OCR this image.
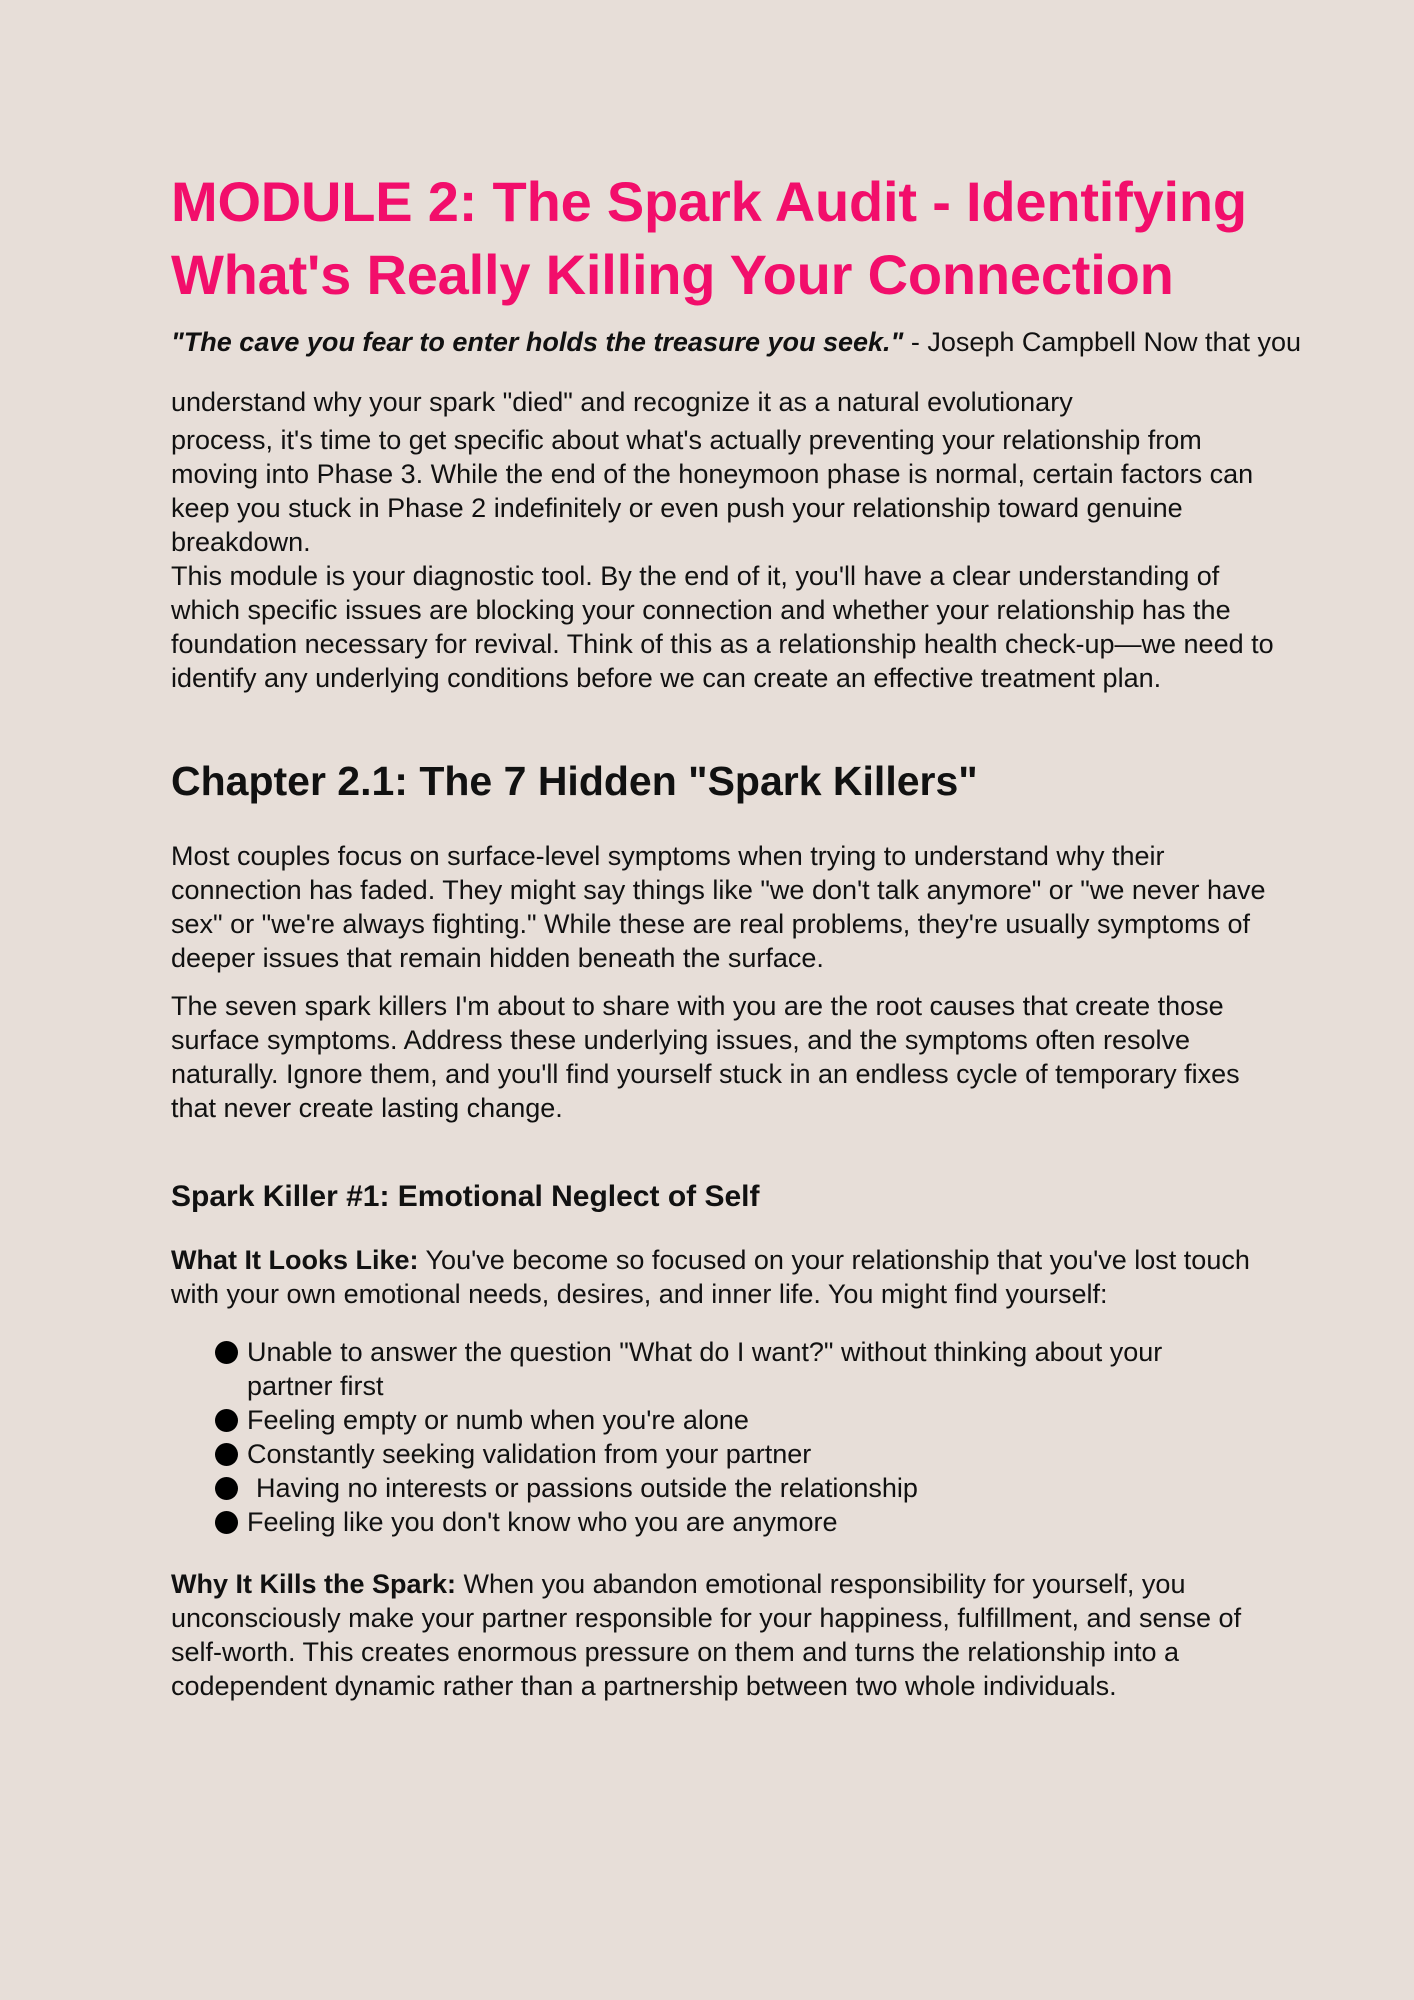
MODULE 2: The Spark Audit - Identifying What's Really Killing Your Connection
"The cave you fear to enter holds the treasure you seek." - Joseph Campbell Now that you

understand why your spark "died" and recognize it as a natural evolutionary
process, it's time to get specific about what's actually preventing your relationship from moving into Phase 3. While the end of the honeymoon phase is normal, certain factors can keep you stuck in Phase 2 indefinitely or even push your relationship toward genuine breakdown.

This module is your diagnostic tool. By the end of it, you'll have a clear understanding of which specific issues are blocking your connection and whether your relationship has the foundation necessary for revival. Think of this as a relationship health check-up—we need to identify any underlying conditions before we can create an effective treatment plan.

Chapter 2.1: The 7 Hidden "Spark Killers"

Most couples focus on surface-level symptoms when trying to understand why their connection has faded. They might say things like "we don't talk anymore" or "we never have sex" or "we're always fighting." While these are real problems, they're usually symptoms of deeper issues that remain hidden beneath the surface.

The seven spark killers I'm about to share with you are the root causes that create those surface symptoms. Address these underlying issues, and the symptoms often resolve naturally. Ignore them, and you'll find yourself stuck in an endless cycle of temporary fixes that never create lasting change.

Spark Killer #1: Emotional Neglect of Self

What It Looks Like: You've become so focused on your relationship that you've lost touch with your own emotional needs, desires, and inner life. You might find yourself:

Unable to answer the question "What do I want?" without thinking about your partner first
Feeling empty or numb when you're alone
Constantly seeking validation from your partner
Having no interests or passions outside the relationship
Feeling like you don't know who you are anymore

Why It Kills the Spark: When you abandon emotional responsibility for yourself, you unconsciously make your partner responsible for your happiness, fulfillment, and sense of self-worth. This creates enormous pressure on them and turns the relationship into a codependent dynamic rather than a partnership between two whole individuals.
